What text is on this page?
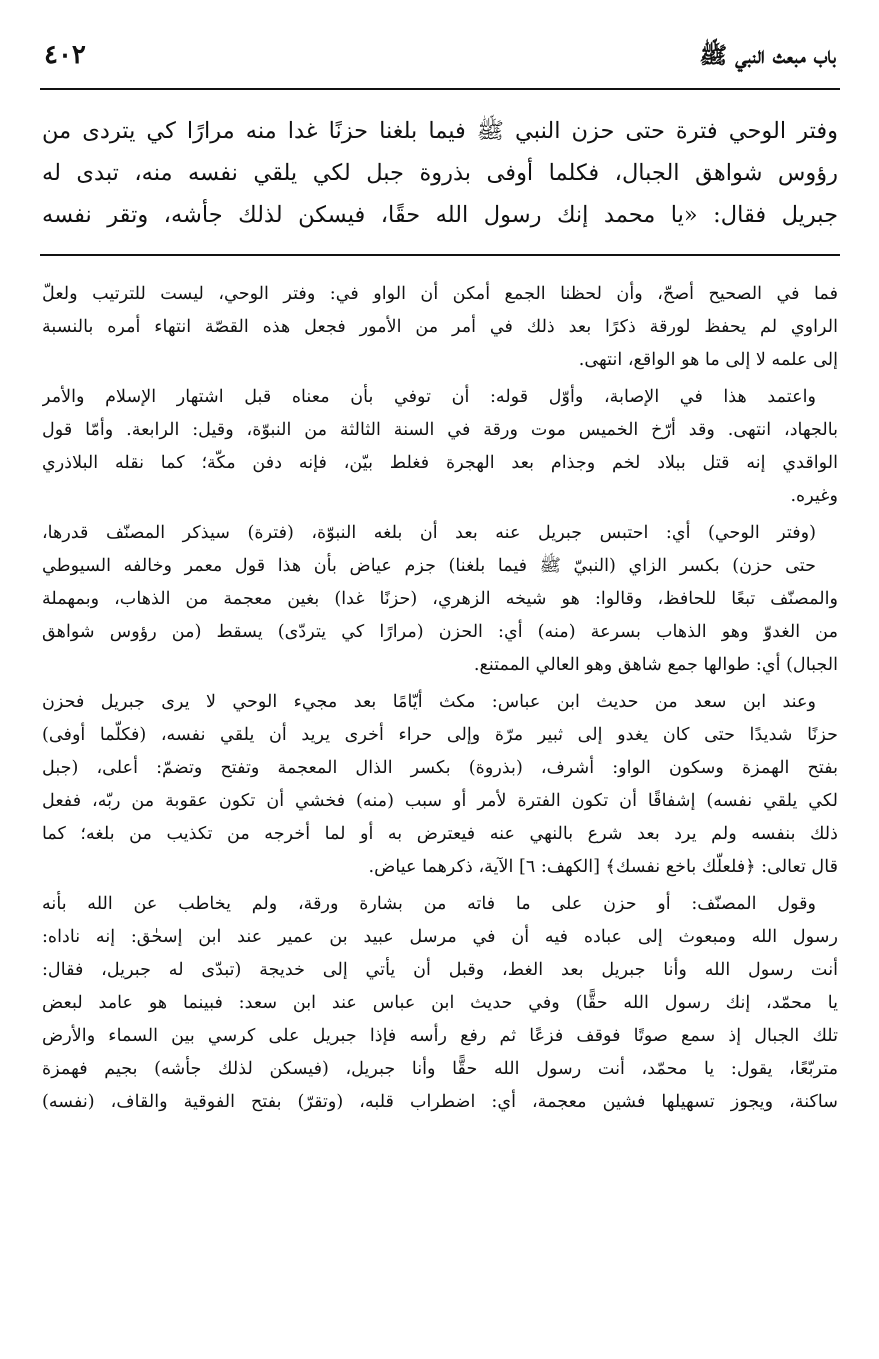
باب مبعث النبي ﷺ
٤٠٢
وفتر الوحي فترة حتى حزن النبي ﷺ فيما بلغنا حزنًا غدا منه مرارًا كي يتردى من
رؤوس شواهق الجبال، فكلما أوفى بذروة جبل لكي يلقي نفسه منه، تبدى له
جبريل فقال: «يا محمد إنك رسول الله حقًا، فيسكن لذلك جأشه، وتقر نفسه
فما في الصحيح أصحّ، وأن لحظنا الجمع أمكن أن الواو في: وفتر الوحي، ليست للترتيب ولعلّ
الراوي لم يحفظ لورقة ذكرًا بعد ذلك في أمر من الأمور فجعل هذه القصّة انتهاء أمره بالنسبة
إلى علمه لا إلى ما هو الواقع، انتهى.
واعتمد هذا في الإصابة، وأوّل قوله: أن توفي بأن معناه قبل اشتهار الإسلام والأمر
بالجهاد، انتهى. وقد أرّخ الخميس موت ورقة في السنة الثالثة من النبوّة، وقيل: الرابعة. وأمّا قول
الواقدي إنه قتل ببلاد لخم وجذام بعد الهجرة فغلط بيّن، فإنه دفن مكّة؛ كما نقله البلاذري
وغيره.
(وفتر الوحي) أي: احتبس جبريل عنه بعد أن بلغه النبوّة، (فترة) سيذكر المصنّف قدرها،
حتى حزن) بكسر الزاي (النبيّ ﷺ فيما بلغنا) جزم عياض بأن هذا قول معمر وخالفه السيوطي
والمصنّف تبعًا للحافظ، وقالوا: هو شيخه الزهري، (حزنًا غدا) بغين معجمة من الذهاب، وبمهملة
من الغدوّ وهو الذهاب بسرعة (منه) أي: الحزن (مرارًا كي يتردّى) يسقط (من رؤوس شواهق
الجبال) أي: طوالها جمع شاهق وهو العالي الممتنع.
وعند ابن سعد من حديث ابن عباس: مكث أيّامًا بعد مجيء الوحي لا يرى جبريل فحزن
حزنًا شديدًا حتى كان يغدو إلى ثبير مرّة وإلى حراء أخرى يريد أن يلقي نفسه، (فكلّما أوفى)
بفتح الهمزة وسكون الواو: أشرف، (بذروة) بكسر الذال المعجمة وتفتح وتضمّ: أعلى، (جبل
لكي يلقي نفسه) إشفاقًا أن تكون الفترة لأمر أو سبب (منه) فخشي أن تكون عقوبة من ربّه، ففعل
ذلك بنفسه ولم يرد بعد شرع بالنهي عنه فيعترض به أو لما أخرجه من تكذيب من بلغه؛ كما
قال تعالى: ﴿فلعلّك باخع نفسك﴾ [الكهف: ٦] الآية، ذكرهما عياض.
وقول المصنّف: أو حزن على ما فاته من بشارة ورقة، ولم يخاطب عن الله بأنه
رسول الله ومبعوث إلى عباده فيه أن في مرسل عبيد بن عمير عند ابن إسحٰق: إنه ناداه:
أنت رسول الله وأنا جبريل بعد الغط، وقبل أن يأتي إلى خديجة (تبدّى له جبريل، فقال:
يا محمّد، إنك رسول الله حقًّا) وفي حديث ابن عباس عند ابن سعد: فبينما هو عامد لبعض
تلك الجبال إذ سمع صوتًا فوقف فزعًا ثم رفع رأسه فإذا جبريل على كرسي بين السماء والأرض
متربّعًا، يقول: يا محمّد، أنت رسول الله حقًّا وأنا جبريل، (فيسكن لذلك جأشه) بجيم فهمزة
ساكنة، ويجوز تسهيلها فشين معجمة، أي: اضطراب قلبه، (وتقرّ) بفتح الفوقية والقاف، (نفسه)
